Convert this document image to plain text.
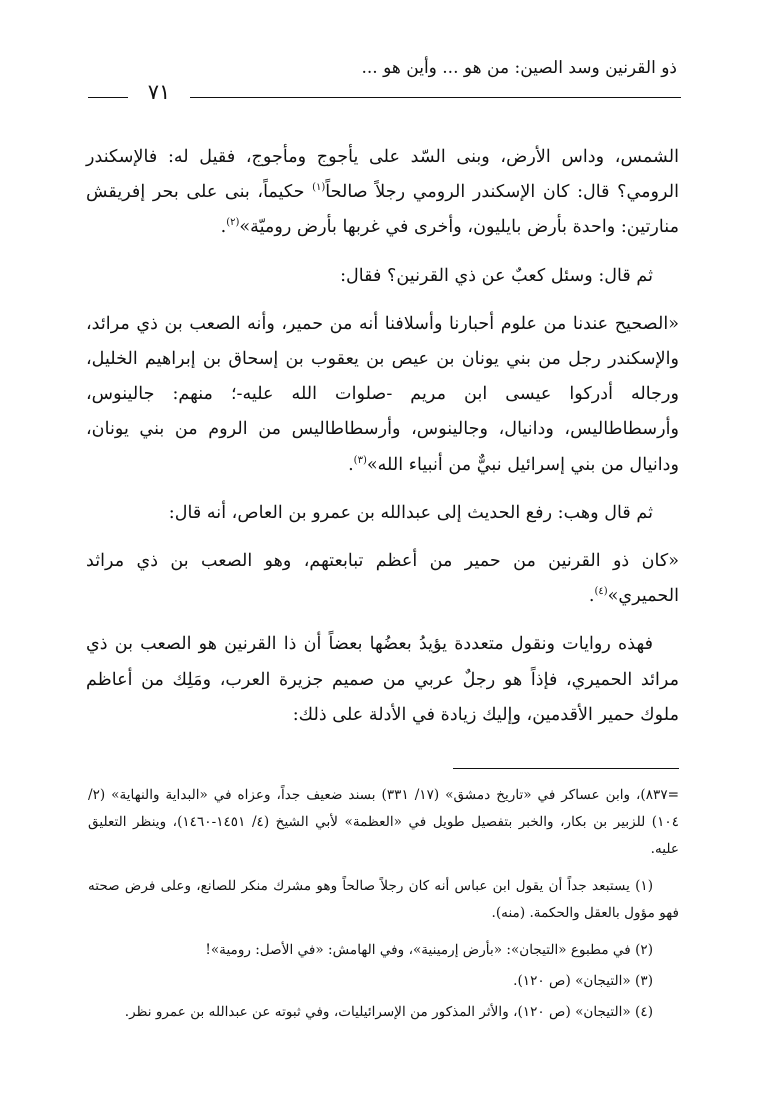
ذو القرنين وسد الصين: من هو ... وأين هو ...
٧١

الشمس، وداس الأرض، وبنى السّد على يأجوج ومأجوج، فقيل له: فالإسكندر الرومي؟ قال: كان الإسكندر الرومي رجلاً صالحاً$^{(١)}$ حكيماً، بنى على بحر إفريقش منارتين: واحدة بأرض بايليون، وأخرى في غربها بأرض روميّة»$^{(٢)}$.

ثم قال: وسئل كعبٌ عن ذي القرنين؟ فقال:

«الصحيح عندنا من علوم أحبارنا وأسلافنا أنه من حمير، وأنه الصعب بن ذي مرائد، والإسكندر رجل من بني يونان بن عيص بن يعقوب بن إسحاق بن إبراهيم الخليل، ورجاله أدركوا عيسى ابن مريم -صلوات الله عليه-؛ منهم: جالينوس، وأرسطاطاليس، ودانيال، وجالينوس، وأرسطاطاليس من الروم من بني يونان، ودانيال من بني إسرائيل نبيٌّ من أنبياء الله»$^{(٣)}$.

ثم قال وهب: رفع الحديث إلى عبدالله بن عمرو بن العاص، أنه قال:

«كان ذو القرنين من حمير من أعظم تبابعتهم، وهو الصعب بن ذي مراثد الحميري»$^{(٤)}$.

فهذه روايات ونقول متعددة يؤيدُ بعضُها بعضاً أن ذا القرنين هو الصعب بن ذي مرائد الحميري، فإذاً هو رجلٌ عربي من صميم جزيرة العرب، ومَلِك من أعاظم ملوك حمير الأقدمين، وإليك زيادة في الأدلة على ذلك:

=٨٣٧)، وابن عساكر في «تاريخ دمشق» (١٧/ ٣٣١) بسند ضعيف جداً، وعزاه في «البداية والنهاية» (٢/ ١٠٤) للزبير بن بكار، والخبر بتفصيل طويل في «العظمة» لأبي الشيخ (٤/ ١٤٥١-١٤٦٠)، وينظر التعليق عليه.

(١) يستبعد جداً أن يقول ابن عباس أنه كان رجلاً صالحاً وهو مشرك منكر للصانع، وعلى فرض صحته فهو مؤول بالعقل والحكمة. (منه).

(٢) في مطبوع «التيجان»: «بأرض إرمينية»، وفي الهامش: «في الأصل: رومية»!

(٣) «التيجان» (ص ١٢٠).

(٤) «التيجان» (ص ١٢٠)، والأثر المذكور من الإسرائيليات، وفي ثبوته عن عبدالله بن عمرو نظر.
